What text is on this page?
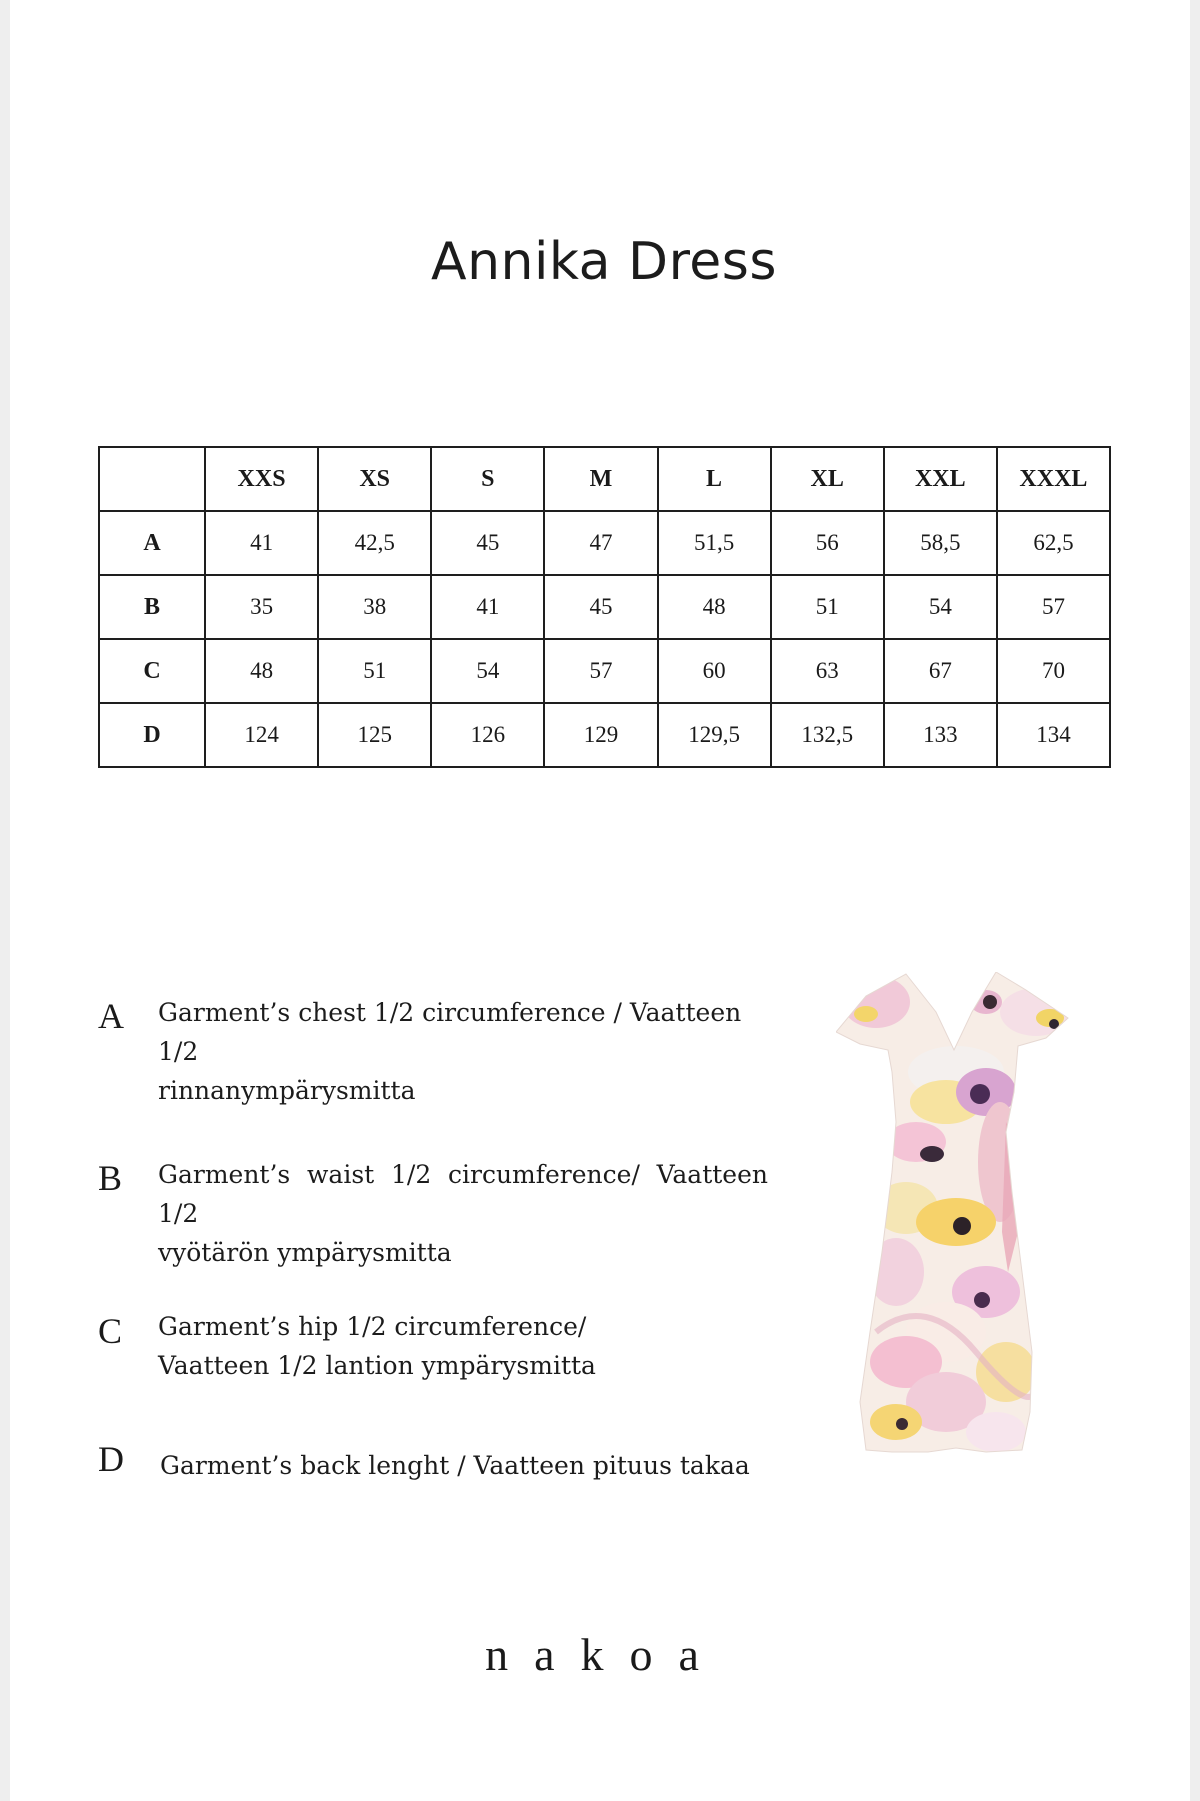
Annika Dress
	XXS	XS	S	M	L	XL	XXL	XXXL
A	41	42,5	45	47	51,5	56	58,5	62,5
B	35	38	41	45	48	51	54	57
C	48	51	54	57	60	63	67	70
D	124	125	126	129	129,5	132,5	133	134
A	Garment’s chest 1/2 circumference / Vaatteen 1/2
rinnanympärysmitta
B	Garment’s waist 1/2 circumference/ Vaatteen 1/2
vyötärön ympärysmitta
C	Garment’s hip 1/2 circumference/
Vaatteen 1/2 lantion ympärysmitta
D	Garment’s back lenght / Vaatteen pituus takaa
nakoa
